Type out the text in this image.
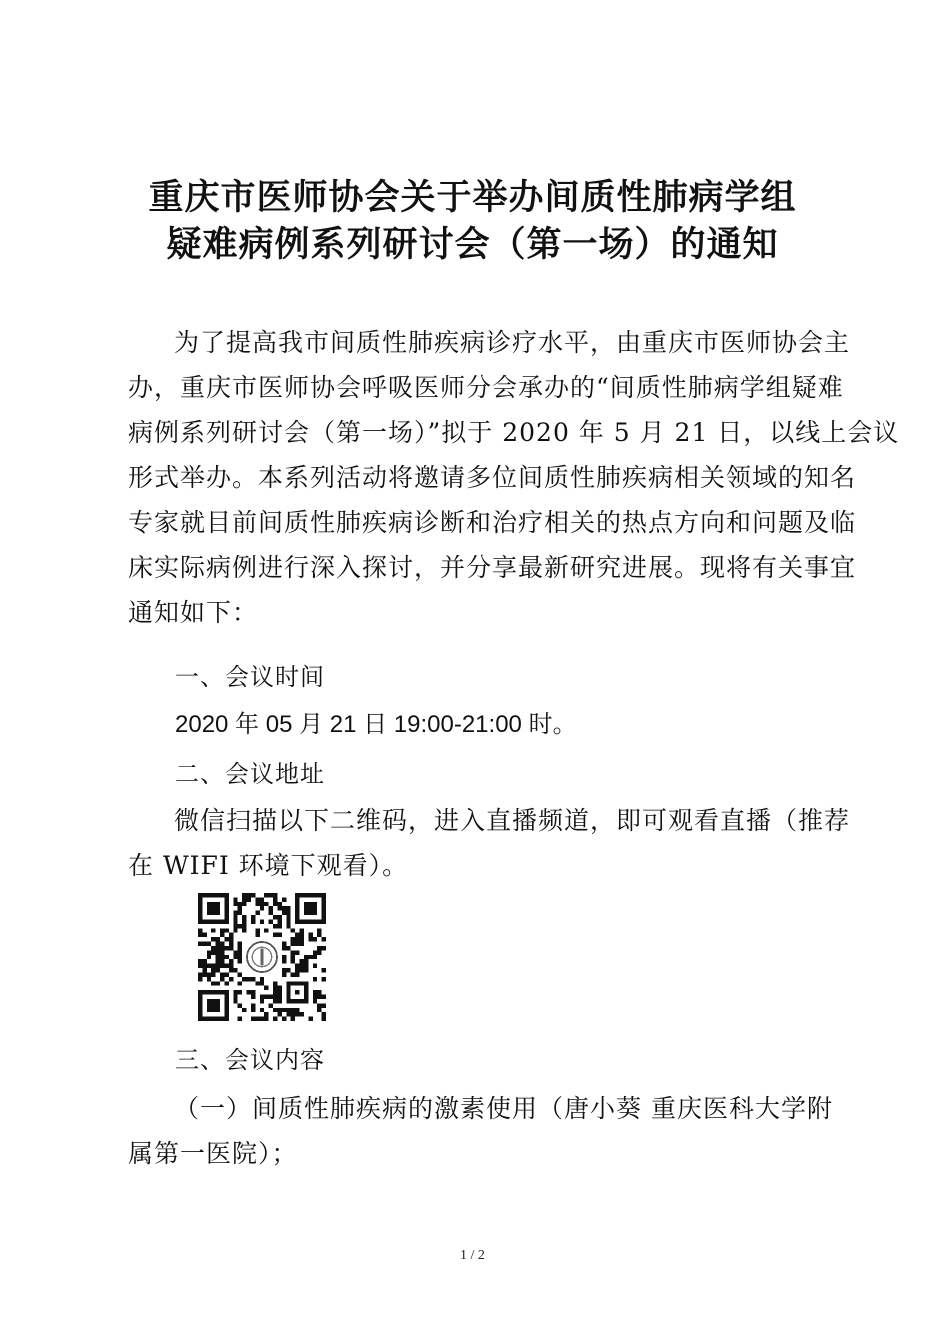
重庆市医师协会关于举办间质性肺病学组
疑难病例系列研讨会（第一场）的通知
为了提高我市间质性肺疾病诊疗水平，由重庆市医师协会主
办，重庆市医师协会呼吸医师分会承办的“间质性肺病学组疑难
病例系列研讨会（第一场）”拟于 2020 年 5 月 21 日，以线上会议
形式举办。本系列活动将邀请多位间质性肺疾病相关领域的知名
专家就目前间质性肺疾病诊断和治疗相关的热点方向和问题及临
床实际病例进行深入探讨，并分享最新研究进展。现将有关事宜
通知如下：
一、会议时间
2020 年 05 月 21 日 19:00-21:00 时。
二、会议地址
微信扫描以下二维码，进入直播频道，即可观看直播（推荐
在 WIFI 环境下观看）。
三、会议内容
（一）间质性肺疾病的激素使用（唐小葵 重庆医科大学附
属第一医院）；
1 / 2
